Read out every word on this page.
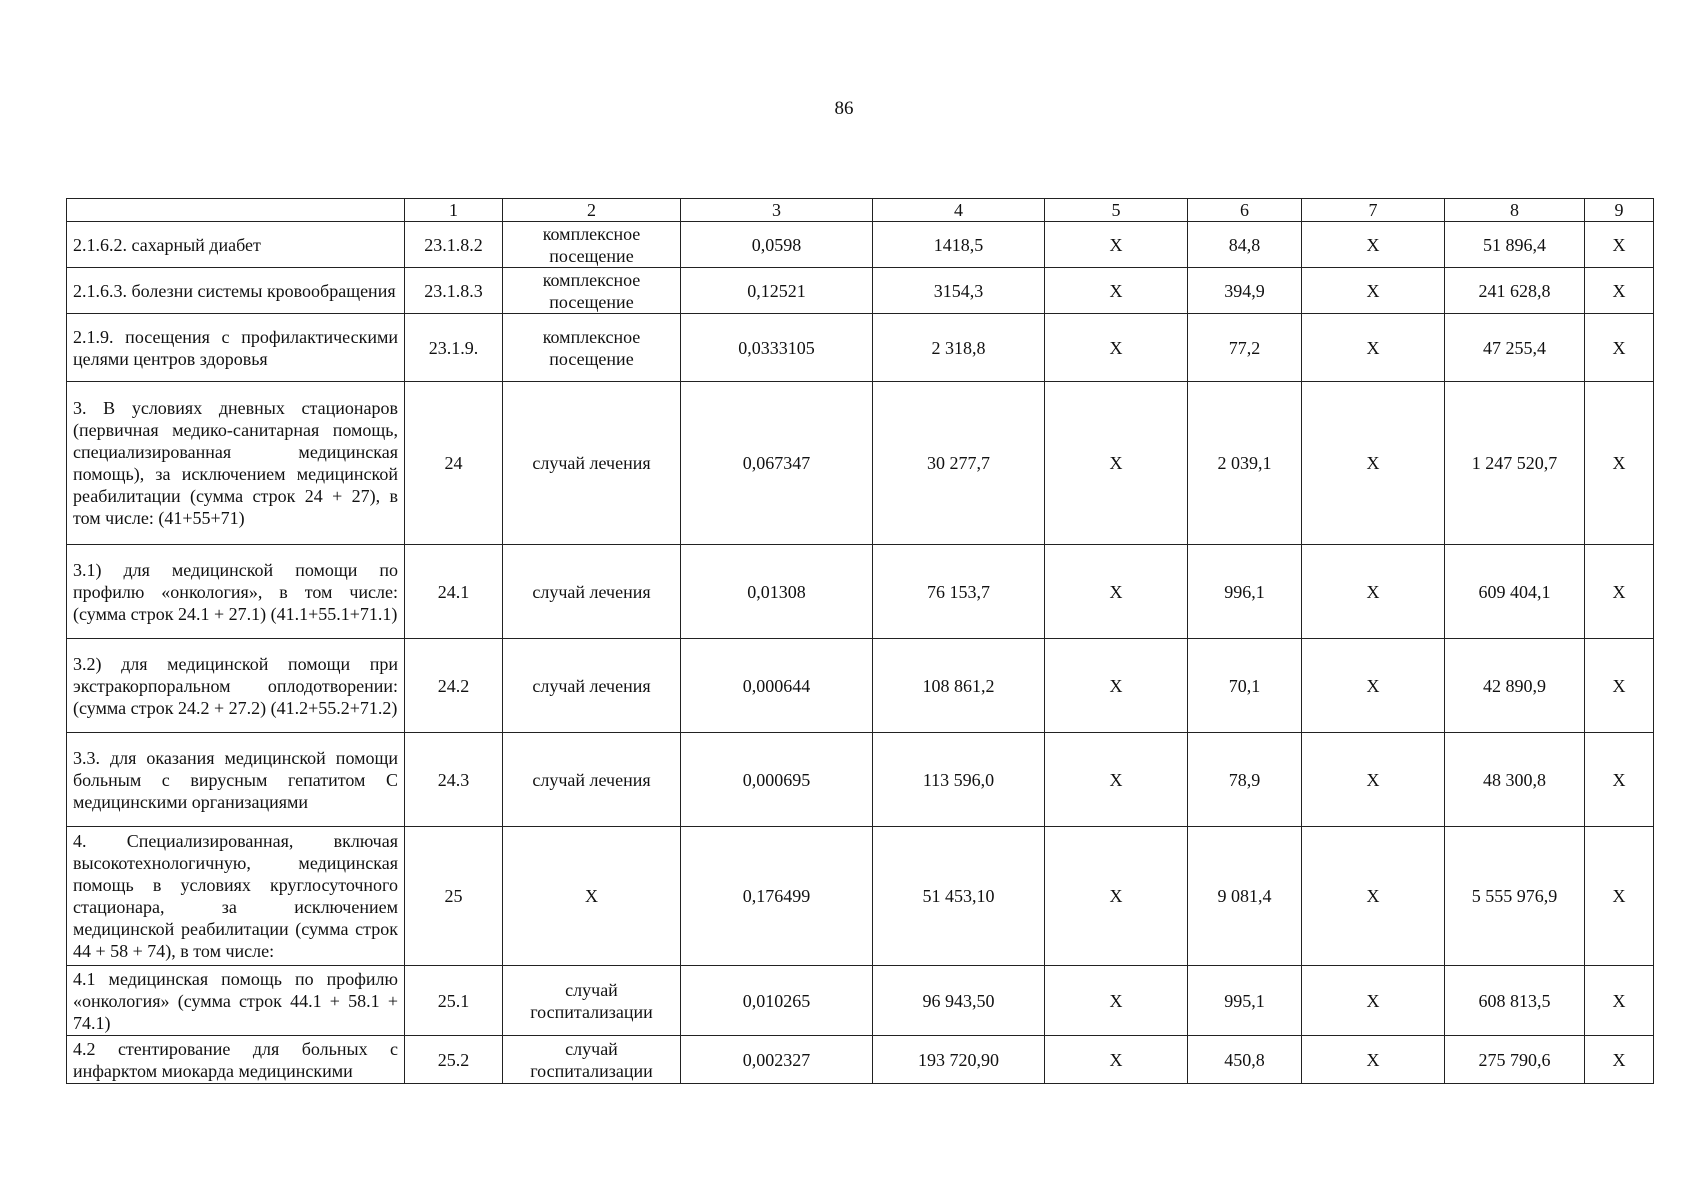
86
	1	2	3	4	5	6	7	8	9
2.1.6.2. сахарный диабет	23.1.8.2	комплексное посещение	0,0598	1418,5	Х	84,8	Х	51 896,4	Х
2.1.6.3. болезни системы кровообращения	23.1.8.3	комплексное посещение	0,12521	3154,3	Х	394,9	Х	241 628,8	Х
2.1.9. посещения с профилактическими целями центров здоровья	23.1.9.	комплексное посещение	0,0333105	2 318,8	Х	77,2	Х	47 255,4	Х
3. В условиях дневных стационаров (первичная медико-санитарная помощь, специализированная медицинская помощь), за исключением медицинской реабилитации (сумма строк 24 + 27), в том числе: (41+55+71)	24	случай лечения	0,067347	30 277,7	Х	2 039,1	Х	1 247 520,7	Х
3.1) для медицинской помощи по профилю «онкология», в том числе: (сумма строк 24.1 + 27.1) (41.1+55.1+71.1)	24.1	случай лечения	0,01308	76 153,7	Х	996,1	Х	609 404,1	Х
3.2) для медицинской помощи при экстракорпоральном оплодотворении: (сумма строк 24.2 + 27.2) (41.2+55.2+71.2)	24.2	случай лечения	0,000644	108 861,2	Х	70,1	Х	42 890,9	Х
3.3. для оказания медицинской помощи больным с вирусным гепатитом С медицинскими организациями	24.3	случай лечения	0,000695	113 596,0	Х	78,9	Х	48 300,8	Х
4. Специализированная, включая высокотехнологичную, медицинская помощь в условиях круглосуточного стационара, за исключением медицинской реабилитации (сумма строк 44 + 58 + 74), в том числе:	25	Х	0,176499	51 453,10	Х	9 081,4	Х	5 555 976,9	Х
4.1 медицинская помощь по профилю «онкология» (сумма строк 44.1 + 58.1 + 74.1)	25.1	случай госпитализации	0,010265	96 943,50	Х	995,1	Х	608 813,5	Х
4.2 стентирование для больных с инфарктом миокарда медицинскими	25.2	случай госпитализации	0,002327	193 720,90	Х	450,8	Х	275 790,6	Х
